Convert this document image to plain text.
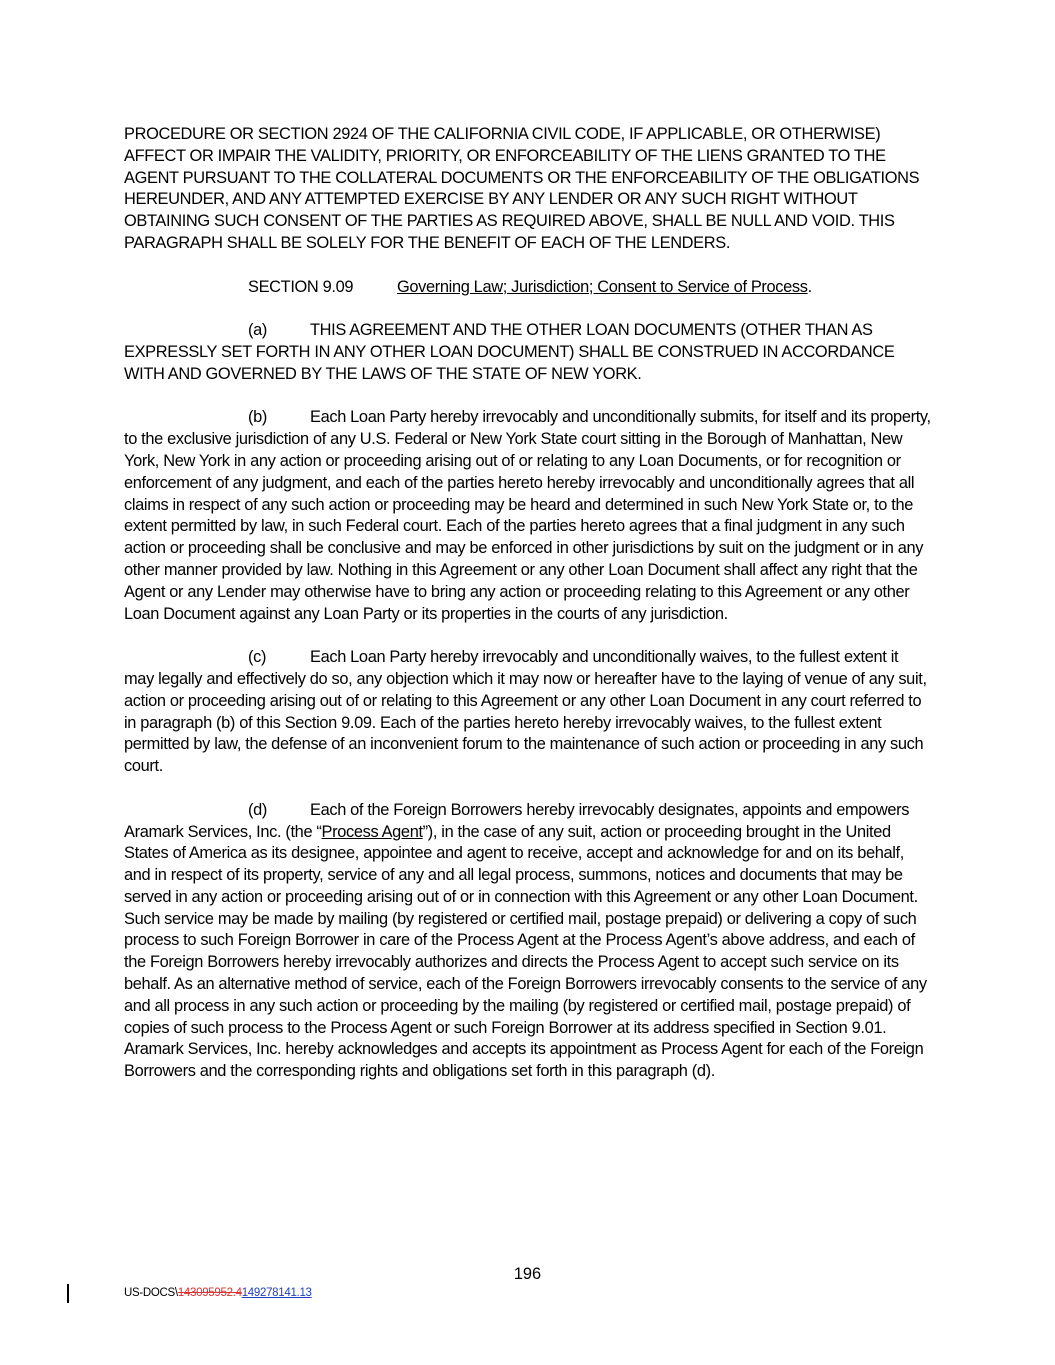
PROCEDURE OR SECTION 2924 OF THE CALIFORNIA CIVIL CODE, IF APPLICABLE, OR OTHERWISE) AFFECT OR IMPAIR THE VALIDITY, PRIORITY, OR ENFORCEABILITY OF THE LIENS GRANTED TO THE AGENT PURSUANT TO THE COLLATERAL DOCUMENTS OR THE ENFORCEABILITY OF THE OBLIGATIONS HEREUNDER, AND ANY ATTEMPTED EXERCISE BY ANY LENDER OR ANY SUCH RIGHT WITHOUT OBTAINING SUCH CONSENT OF THE PARTIES AS REQUIRED ABOVE, SHALL BE NULL AND VOID. THIS PARAGRAPH SHALL BE SOLELY FOR THE BENEFIT OF EACH OF THE LENDERS.

SECTION 9.09	Governing Law; Jurisdiction; Consent to Service of Process.

(a)	THIS AGREEMENT AND THE OTHER LOAN DOCUMENTS (OTHER THAN AS EXPRESSLY SET FORTH IN ANY OTHER LOAN DOCUMENT) SHALL BE CONSTRUED IN ACCORDANCE WITH AND GOVERNED BY THE LAWS OF THE STATE OF NEW YORK.

(b)	Each Loan Party hereby irrevocably and unconditionally submits, for itself and its property, to the exclusive jurisdiction of any U.S. Federal or New York State court sitting in the Borough of Manhattan, New York, New York in any action or proceeding arising out of or relating to any Loan Documents, or for recognition or enforcement of any judgment, and each of the parties hereto hereby irrevocably and unconditionally agrees that all claims in respect of any such action or proceeding may be heard and determined in such New York State or, to the extent permitted by law, in such Federal court. Each of the parties hereto agrees that a final judgment in any such action or proceeding shall be conclusive and may be enforced in other jurisdictions by suit on the judgment or in any other manner provided by law. Nothing in this Agreement or any other Loan Document shall affect any right that the Agent or any Lender may otherwise have to bring any action or proceeding relating to this Agreement or any other Loan Document against any Loan Party or its properties in the courts of any jurisdiction.

(c)	Each Loan Party hereby irrevocably and unconditionally waives, to the fullest extent it may legally and effectively do so, any objection which it may now or hereafter have to the laying of venue of any suit, action or proceeding arising out of or relating to this Agreement or any other Loan Document in any court referred to in paragraph (b) of this Section 9.09. Each of the parties hereto hereby irrevocably waives, to the fullest extent permitted by law, the defense of an inconvenient forum to the maintenance of such action or proceeding in any such court.

(d)	Each of the Foreign Borrowers hereby irrevocably designates, appoints and empowers Aramark Services, Inc. (the “Process Agent”), in the case of any suit, action or proceeding brought in the United States of America as its designee, appointee and agent to receive, accept and acknowledge for and on its behalf, and in respect of its property, service of any and all legal process, summons, notices and documents that may be served in any action or proceeding arising out of or in connection with this Agreement or any other Loan Document. Such service may be made by mailing (by registered or certified mail, postage prepaid) or delivering a copy of such process to such Foreign Borrower in care of the Process Agent at the Process Agent’s above address, and each of the Foreign Borrowers hereby irrevocably authorizes and directs the Process Agent to accept such service on its behalf. As an alternative method of service, each of the Foreign Borrowers irrevocably consents to the service of any and all process in any such action or proceeding by the mailing (by registered or certified mail, postage prepaid) of copies of such process to the Process Agent or such Foreign Borrower at its address specified in Section 9.01. Aramark Services, Inc. hereby acknowledges and accepts its appointment as Process Agent for each of the Foreign Borrowers and the corresponding rights and obligations set forth in this paragraph (d).

196
US-DOCS\143095952.4149278141.13
